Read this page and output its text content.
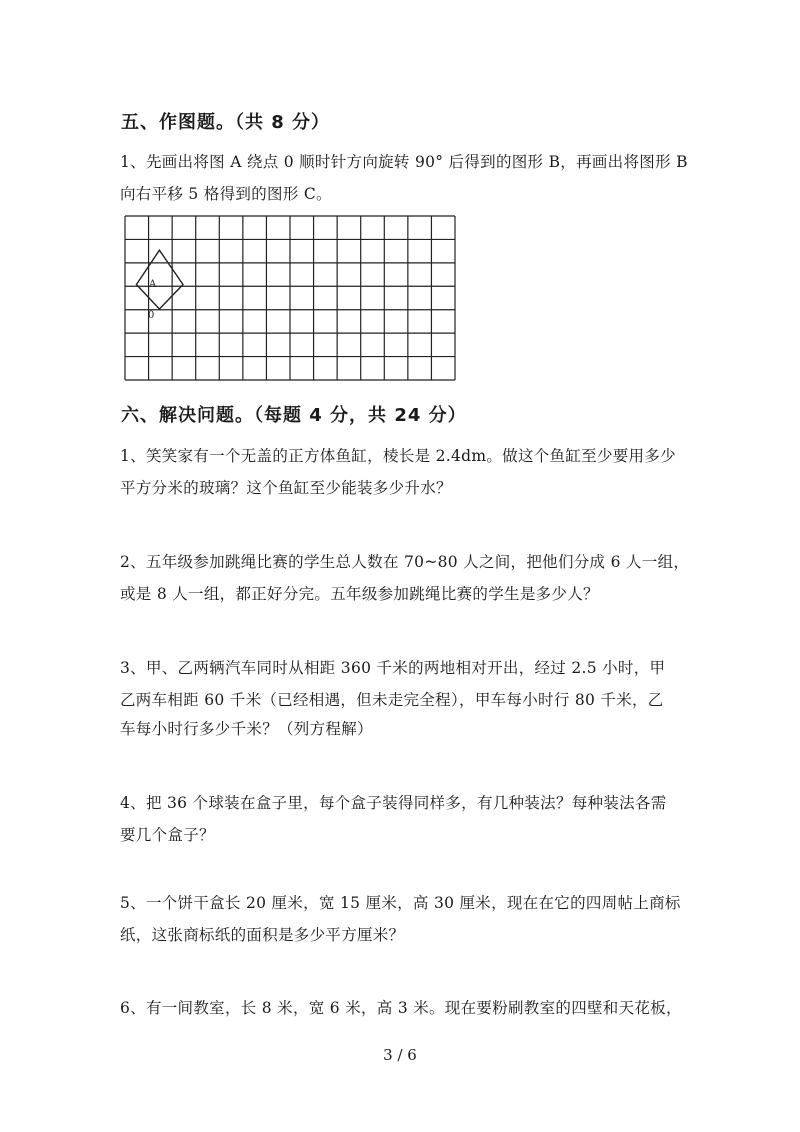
五、作图题。（共 8 分）
1、先画出将图 A 绕点 0 顺时针方向旋转 90° 后得到的图形 B，再画出将图形 B
向右平移 5 格得到的图形 C。
A
0
六、解决问题。（每题 4 分，共 24 分）
1、笑笑家有一个无盖的正方体鱼缸，棱长是 2.4dm。做这个鱼缸至少要用多少
平方分米的玻璃？这个鱼缸至少能装多少升水？
2、五年级参加跳绳比赛的学生总人数在 70~80 人之间，把他们分成 6 人一组，
或是 8 人一组，都正好分完。五年级参加跳绳比赛的学生是多少人？
3、甲、乙两辆汽车同时从相距 360 千米的两地相对开出，经过 2.5 小时，甲
乙两车相距 60 千米（已经相遇，但未走完全程），甲车每小时行 80 千米，乙
车每小时行多少千米？（列方程解）
4、把 36 个球装在盒子里，每个盒子装得同样多，有几种装法？每种装法各需
要几个盒子？
5、一个饼干盒长 20 厘米，宽 15 厘米，高 30 厘米，现在在它的四周帖上商标
纸，这张商标纸的面积是多少平方厘米？
6、有一间教室，长 8 米，宽 6 米，高 3 米。现在要粉刷教室的四壁和天花板，
3 / 6
